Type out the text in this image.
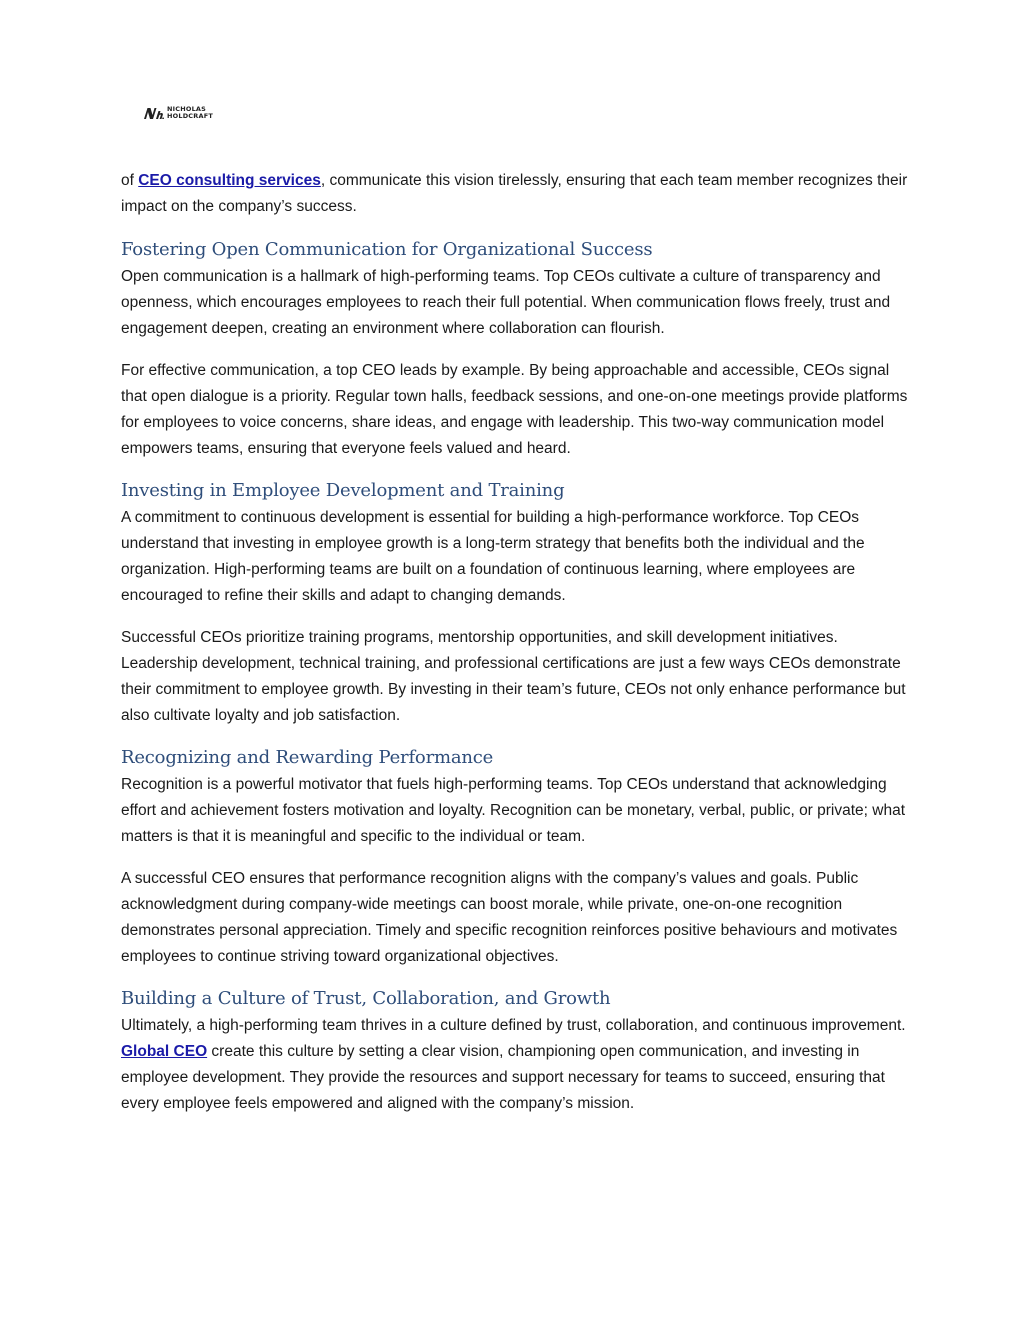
NICHOLAS
HOLDCRAFT

of CEO consulting services, communicate this vision tirelessly, ensuring that each team member recognizes their impact on the company’s success.

Fostering Open Communication for Organizational Success

Open communication is a hallmark of high-performing teams. Top CEOs cultivate a culture of transparency and openness, which encourages employees to reach their full potential. When communication flows freely, trust and engagement deepen, creating an environment where collaboration can flourish.

For effective communication, a top CEO leads by example. By being approachable and accessible, CEOs signal that open dialogue is a priority. Regular town halls, feedback sessions, and one-on-one meetings provide platforms for employees to voice concerns, share ideas, and engage with leadership. This two-way communication model empowers teams, ensuring that everyone feels valued and heard.

Investing in Employee Development and Training

A commitment to continuous development is essential for building a high-performance workforce. Top CEOs understand that investing in employee growth is a long-term strategy that benefits both the individual and the organization. High-performing teams are built on a foundation of continuous learning, where employees are encouraged to refine their skills and adapt to changing demands.

Successful CEOs prioritize training programs, mentorship opportunities, and skill development initiatives. Leadership development, technical training, and professional certifications are just a few ways CEOs demonstrate their commitment to employee growth. By investing in their team’s future, CEOs not only enhance performance but also cultivate loyalty and job satisfaction.

Recognizing and Rewarding Performance

Recognition is a powerful motivator that fuels high-performing teams. Top CEOs understand that acknowledging effort and achievement fosters motivation and loyalty. Recognition can be monetary, verbal, public, or private; what matters is that it is meaningful and specific to the individual or team.

A successful CEO ensures that performance recognition aligns with the company’s values and goals. Public acknowledgment during company-wide meetings can boost morale, while private, one-on-one recognition demonstrates personal appreciation. Timely and specific recognition reinforces positive behaviours and motivates employees to continue striving toward organizational objectives.

Building a Culture of Trust, Collaboration, and Growth

Ultimately, a high-performing team thrives in a culture defined by trust, collaboration, and continuous improvement. Global CEO create this culture by setting a clear vision, championing open communication, and investing in employee development. They provide the resources and support necessary for teams to succeed, ensuring that every employee feels empowered and aligned with the company’s mission.
